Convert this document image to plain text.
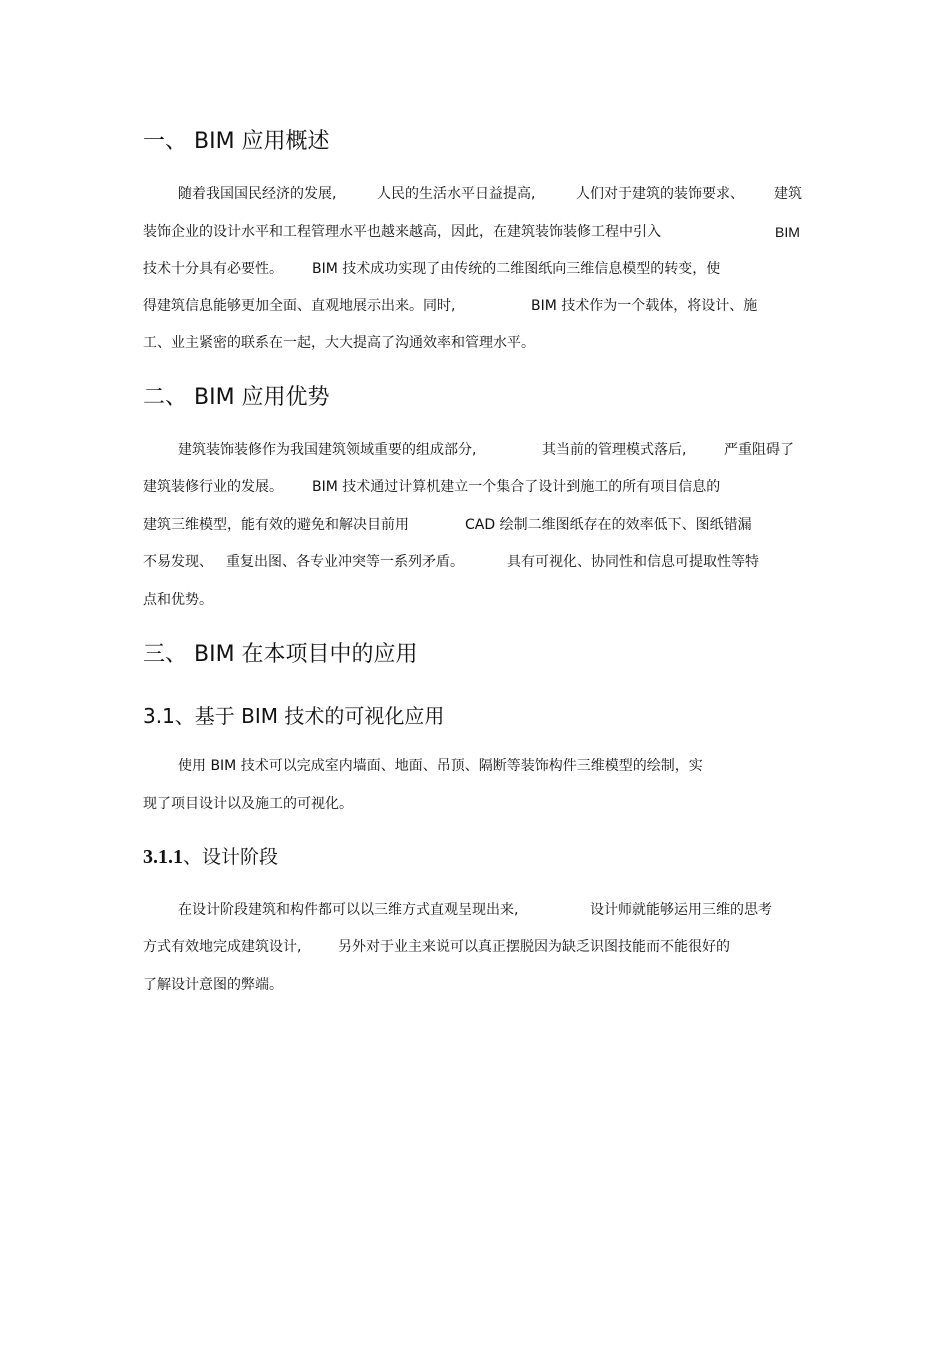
一、 BIM 应用概述
随着我国国民经济的发展,	人民的生活水平日益提高,	人们对于建筑的装饰要求、 建筑
装饰企业的设计水平和工程管理水平也越来越高，因此，在建筑装饰装修工程中引入	BIM
技术十分具有必要性。 BIM 技术成功实现了由传统的二维图纸向三维信息模型的转变，使
得建筑信息能够更加全面、直观地展示出来。同时,	BIM 技术作为一个载体，将设计、施
工、业主紧密的联系在一起，大大提高了沟通效率和管理水平。
二、 BIM 应用优势
建筑装饰装修作为我国建筑领域重要的组成部分,	其当前的管理模式落后,	严重阻碍了
建筑装修行业的发展。 BIM 技术通过计算机建立一个集合了设计到施工的所有项目信息的
建筑三维模型，能有效的避免和解决目前用	CAD 绘制二维图纸存在的效率低下、图纸错漏
不易发现、 重复出图、各专业冲突等一系列矛盾。	具有可视化、协同性和信息可提取性等特
点和优势。
三、 BIM 在本项目中的应用
3.1、基于 BIM 技术的可视化应用
使用 BIM 技术可以完成室内墙面、地面、吊顶、隔断等装饰构件三维模型的绘制，实
现了项目设计以及施工的可视化。
3.1.1、设计阶段
在设计阶段建筑和构件都可以以三维方式直观呈现出来,	设计师就能够运用三维的思考
方式有效地完成建筑设计,	另外对于业主来说可以真正摆脱因为缺乏识图技能而不能很好的
了解设计意图的弊端。
